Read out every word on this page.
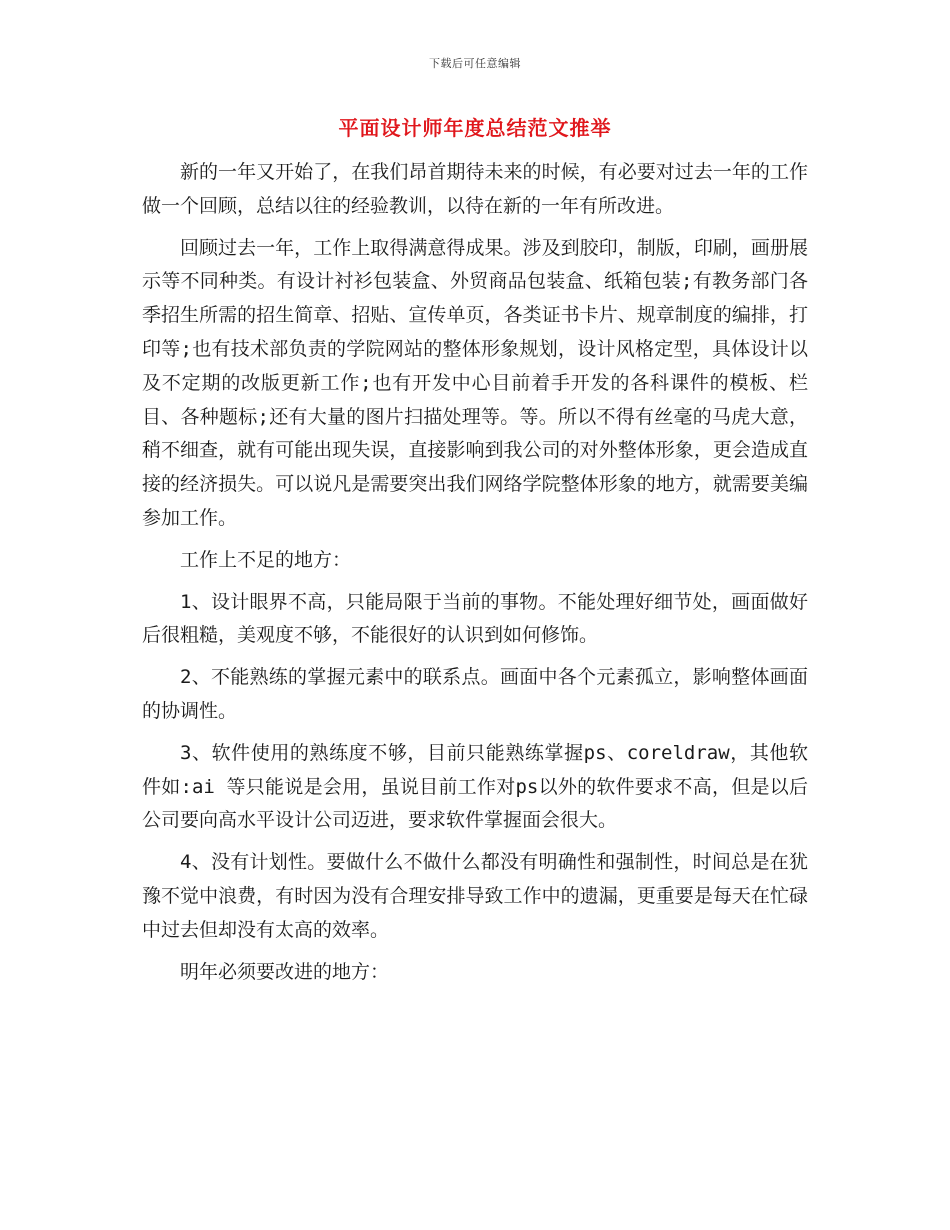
下载后可任意编辑
平面设计师年度总结范文推举

新的一年又开始了，在我们昂首期待未来的时候，有必要对过去一年的工作做一个回顾，总结以往的经验教训，以待在新的一年有所改进。

回顾过去一年，工作上取得满意得成果。涉及到胶印，制版，印刷，画册展示等不同种类。有设计衬衫包装盒、外贸商品包装盒、纸箱包装;有教务部门各季招生所需的招生简章、招贴、宣传单页，各类证书卡片、规章制度的编排，打印等;也有技术部负责的学院网站的整体形象规划，设计风格定型，具体设计以及不定期的改版更新工作;也有开发中心目前着手开发的各科课件的模板、栏目、各种题标;还有大量的图片扫描处理等。等。所以不得有丝毫的马虎大意，稍不细查，就有可能出现失误，直接影响到我公司的对外整体形象，更会造成直接的经济损失。可以说凡是需要突出我们网络学院整体形象的地方，就需要美编参加工作。

工作上不足的地方：

1、设计眼界不高，只能局限于当前的事物。不能处理好细节处，画面做好后很粗糙，美观度不够，不能很好的认识到如何修饰。

2、不能熟练的掌握元素中的联系点。画面中各个元素孤立，影响整体画面的协调性。

3、软件使用的熟练度不够，目前只能熟练掌握ps、coreldraw，其他软件如:ai 等只能说是会用，虽说目前工作对ps以外的软件要求不高，但是以后公司要向高水平设计公司迈进，要求软件掌握面会很大。

4、没有计划性。要做什么不做什么都没有明确性和强制性，时间总是在犹豫不觉中浪费，有时因为没有合理安排导致工作中的遗漏，更重要是每天在忙碌中过去但却没有太高的效率。

明年必须要改进的地方：
